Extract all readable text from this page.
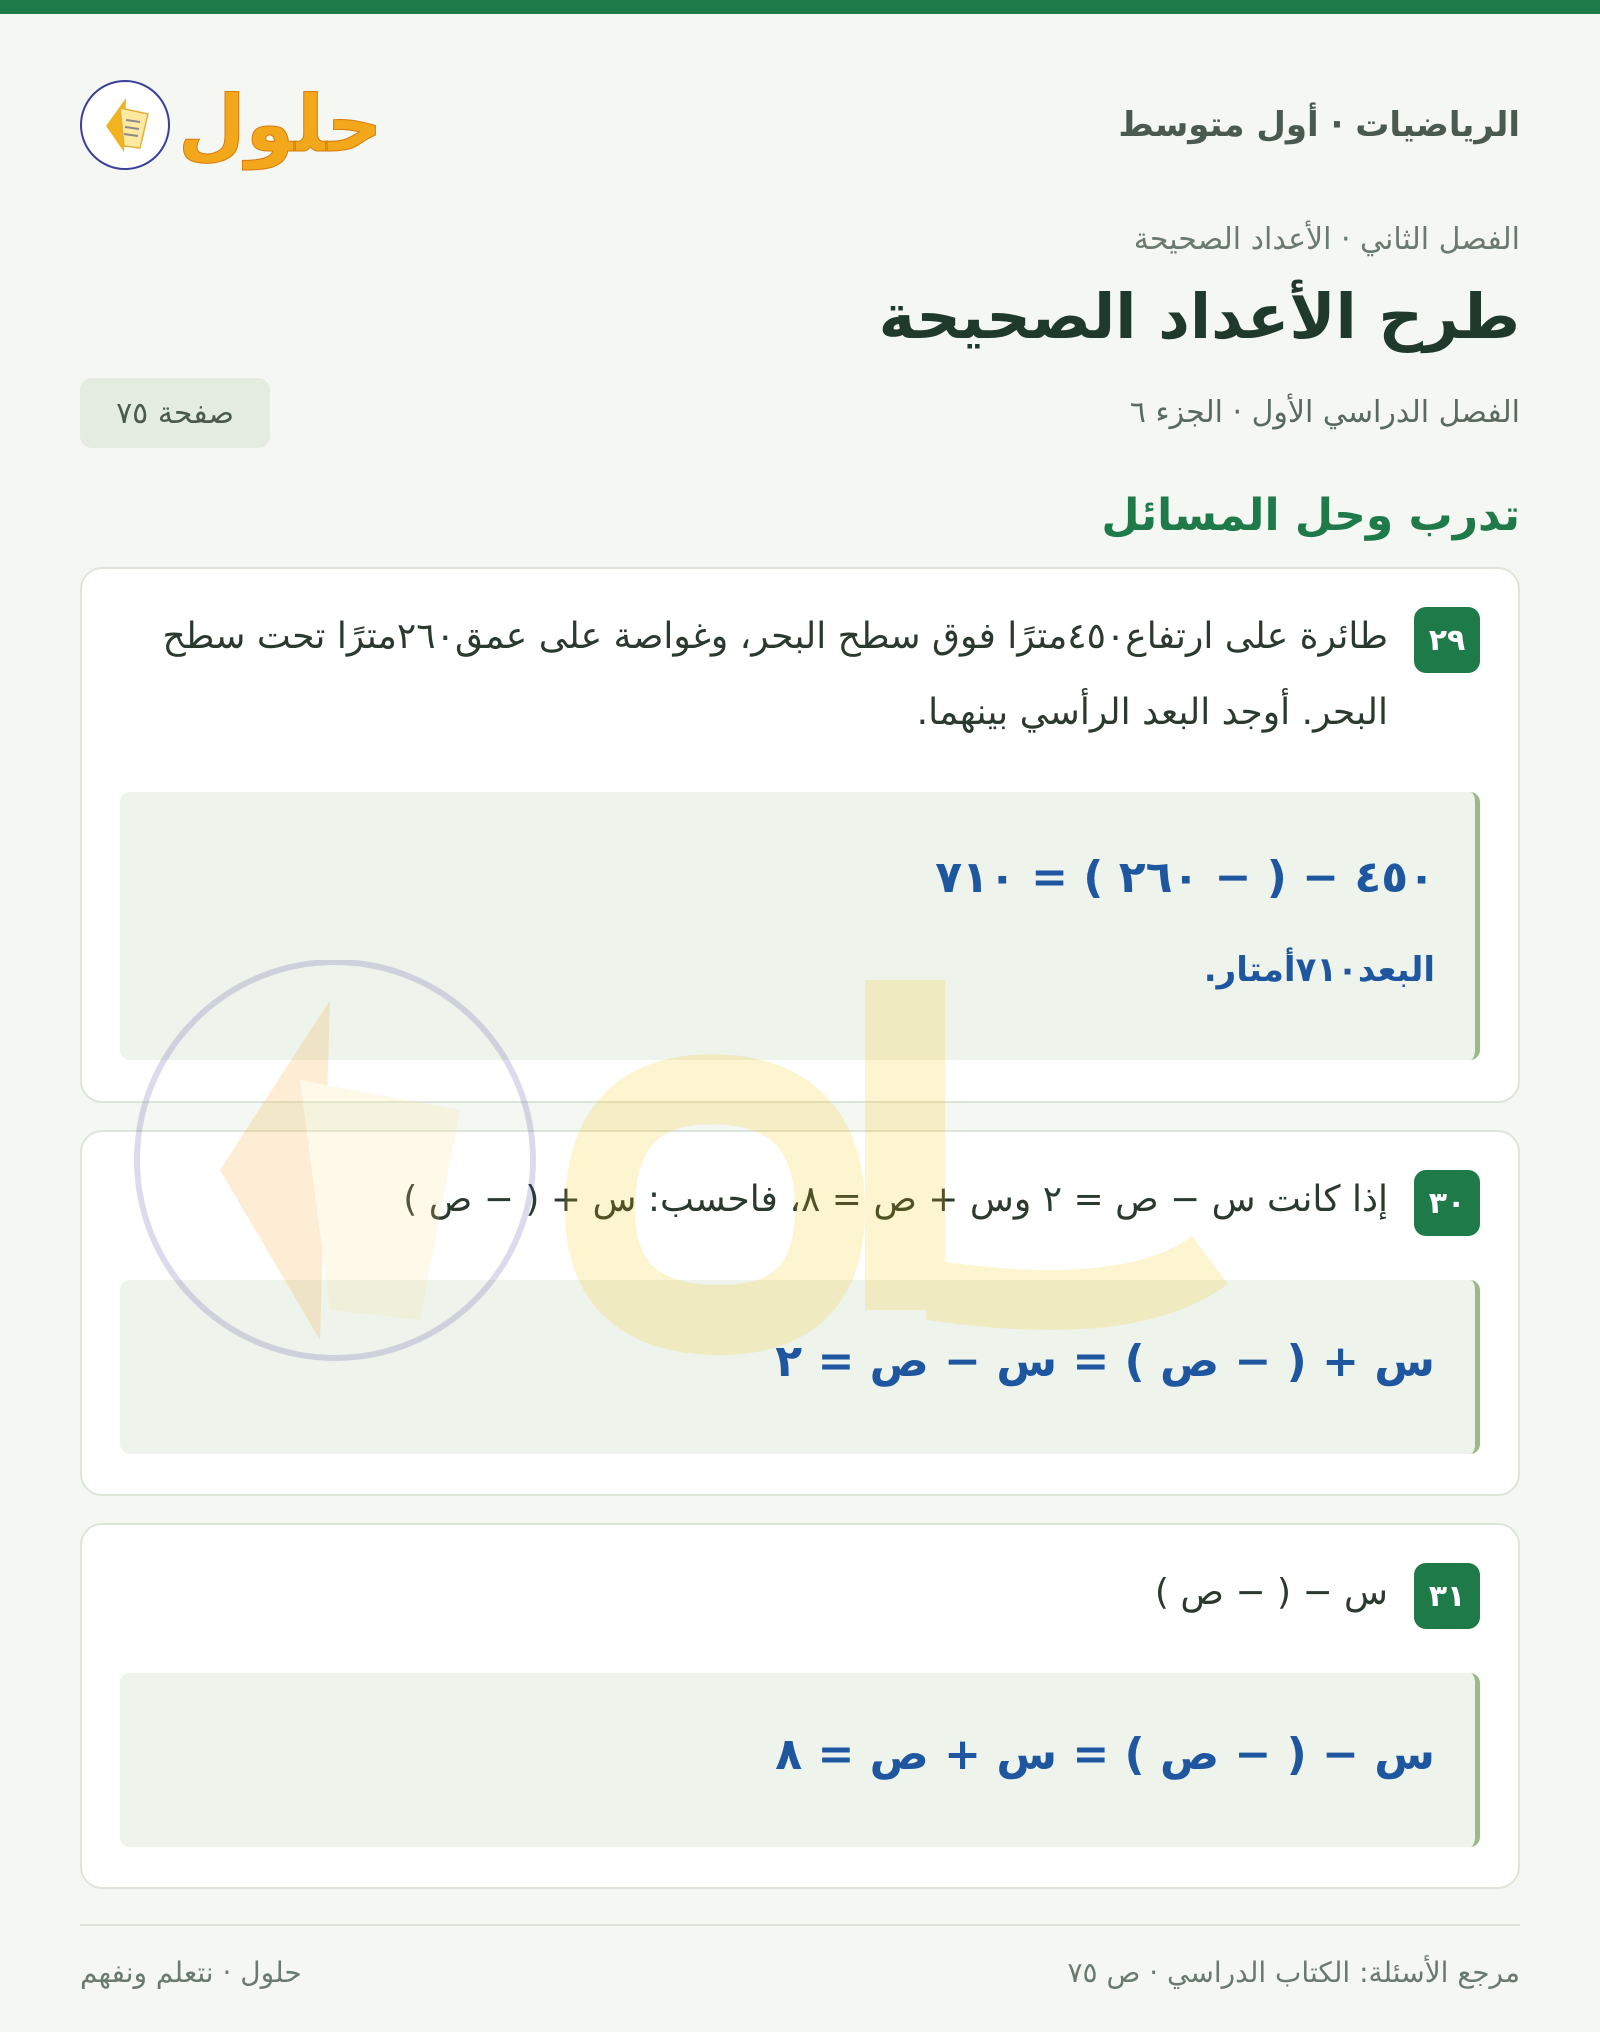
الرياضيات · أول متوسط
حلول
الفصل الثاني · الأعداد الصحيحة
طرح الأعداد الصحيحة
الفصل الدراسي الأول · الجزء ٦
صفحة ٧٥
تدرب وحل المسائل
٢٩
طائرة على ارتفاع٤٥٠مترًا فوق سطح البحر، وغواصة على عمق٢٦٠مترًا تحت سطح البحر. أوجد البعد الرأسي بينهما.
٤٥٠ − ( − ٢٦٠ ) = ٧١٠
البعد٧١٠أمتار.
٣٠
إذا كانت س − ص = ٢ وس + ص = ٨، فاحسب: س + ( − ص )
س + ( − ص ) = س − ص = ٢
٣١
س − ( − ص )
س − ( − ص ) = س + ص = ٨
مرجع الأسئلة: الكتاب الدراسي · ص ٧٥
حلول · نتعلم ونفهم
